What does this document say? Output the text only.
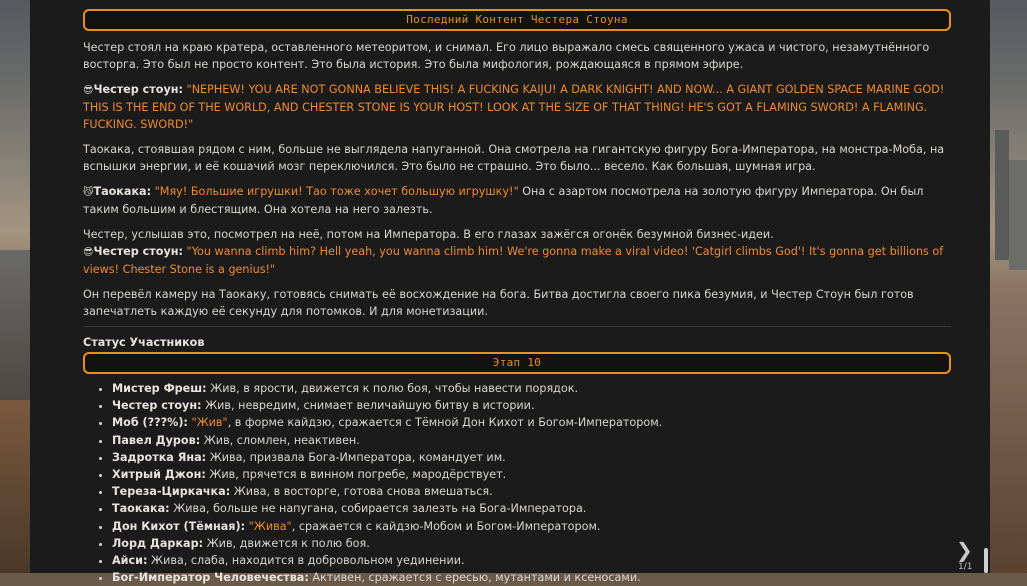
Последний Контент Честера Стоуна

Честер стоял на краю кратера, оставленного метеоритом, и снимал. Его лицо выражало смесь священного ужаса и чистого, незамутнённого восторга. Это был не просто контент. Это была история. Это была мифология, рождающаяся в прямом эфире.

😎Честер стоун: "NEPHEW! YOU ARE NOT GONNA BELIEVE THIS! A FUCKING KAIJU! A DARK KNIGHT! AND NOW... A GIANT GOLDEN SPACE MARINE GOD! THIS IS THE END OF THE WORLD, AND CHESTER STONE IS YOUR HOST! LOOK AT THE SIZE OF THAT THING! HE'S GOT A FLAMING SWORD! A FLAMING. FUCKING. SWORD!"

Таокака, стоявшая рядом с ним, больше не выглядела напуганной. Она смотрела на гигантскую фигуру Бога-Императора, на монстра-Моба, на вспышки энергии, и её кошачий мозг переключился. Это было не страшно. Это было... весело. Как большая, шумная игра.

😼Таокака: "Мяу! Большие игрушки! Тао тоже хочет большую игрушку!" Она с азартом посмотрела на золотую фигуру Императора. Он был таким большим и блестящим. Она хотела на него залезть.

Честер, услышав это, посмотрел на неё, потом на Императора. В его глазах зажёгся огонёк безумной бизнес-идеи.

😎Честер стоун: "You wanna climb him? Hell yeah, you wanna climb him! We're gonna make a viral video! 'Catgirl climbs God'! It's gonna get billions of views! Chester Stone is a genius!"

Он перевёл камеру на Таокаку, готовясь снимать её восхождение на бога. Битва достигла своего пика безумия, и Честер Стоун был готов запечатлеть каждую её секунду для потомков. И для монетизации.

Статус Участников
Этап 10
• Мистер Фреш: Жив, в ярости, движется к полю боя, чтобы навести порядок.
• Честер стоун: Жив, невредим, снимает величайшую битву в истории.
• Моб (???%): "Жив", в форме кайдзю, сражается с Тёмной Дон Кихот и Богом-Императором.
• Павел Дуров: Жив, сломлен, неактивен.
• Задротка Яна: Жива, призвала Бога-Императора, командует им.
• Хитрый Джон: Жив, прячется в винном погребе, мародёрствует.
• Тереза-Циркачка: Жива, в восторге, готова снова вмешаться.
• Таокака: Жива, больше не напугана, собирается залезть на Бога-Императора.
• Дон Кихот (Тёмная): "Жива", сражается с кайдзю-Мобом и Богом-Императором.
• Лорд Даркар: Жив, движется к полю боя.
• Айси: Жива, слаба, находится в добровольном уединении.
• Бог-Император Человечества: Активен, сражается с ересью, мутантами и ксеносами.
❯
1/1
